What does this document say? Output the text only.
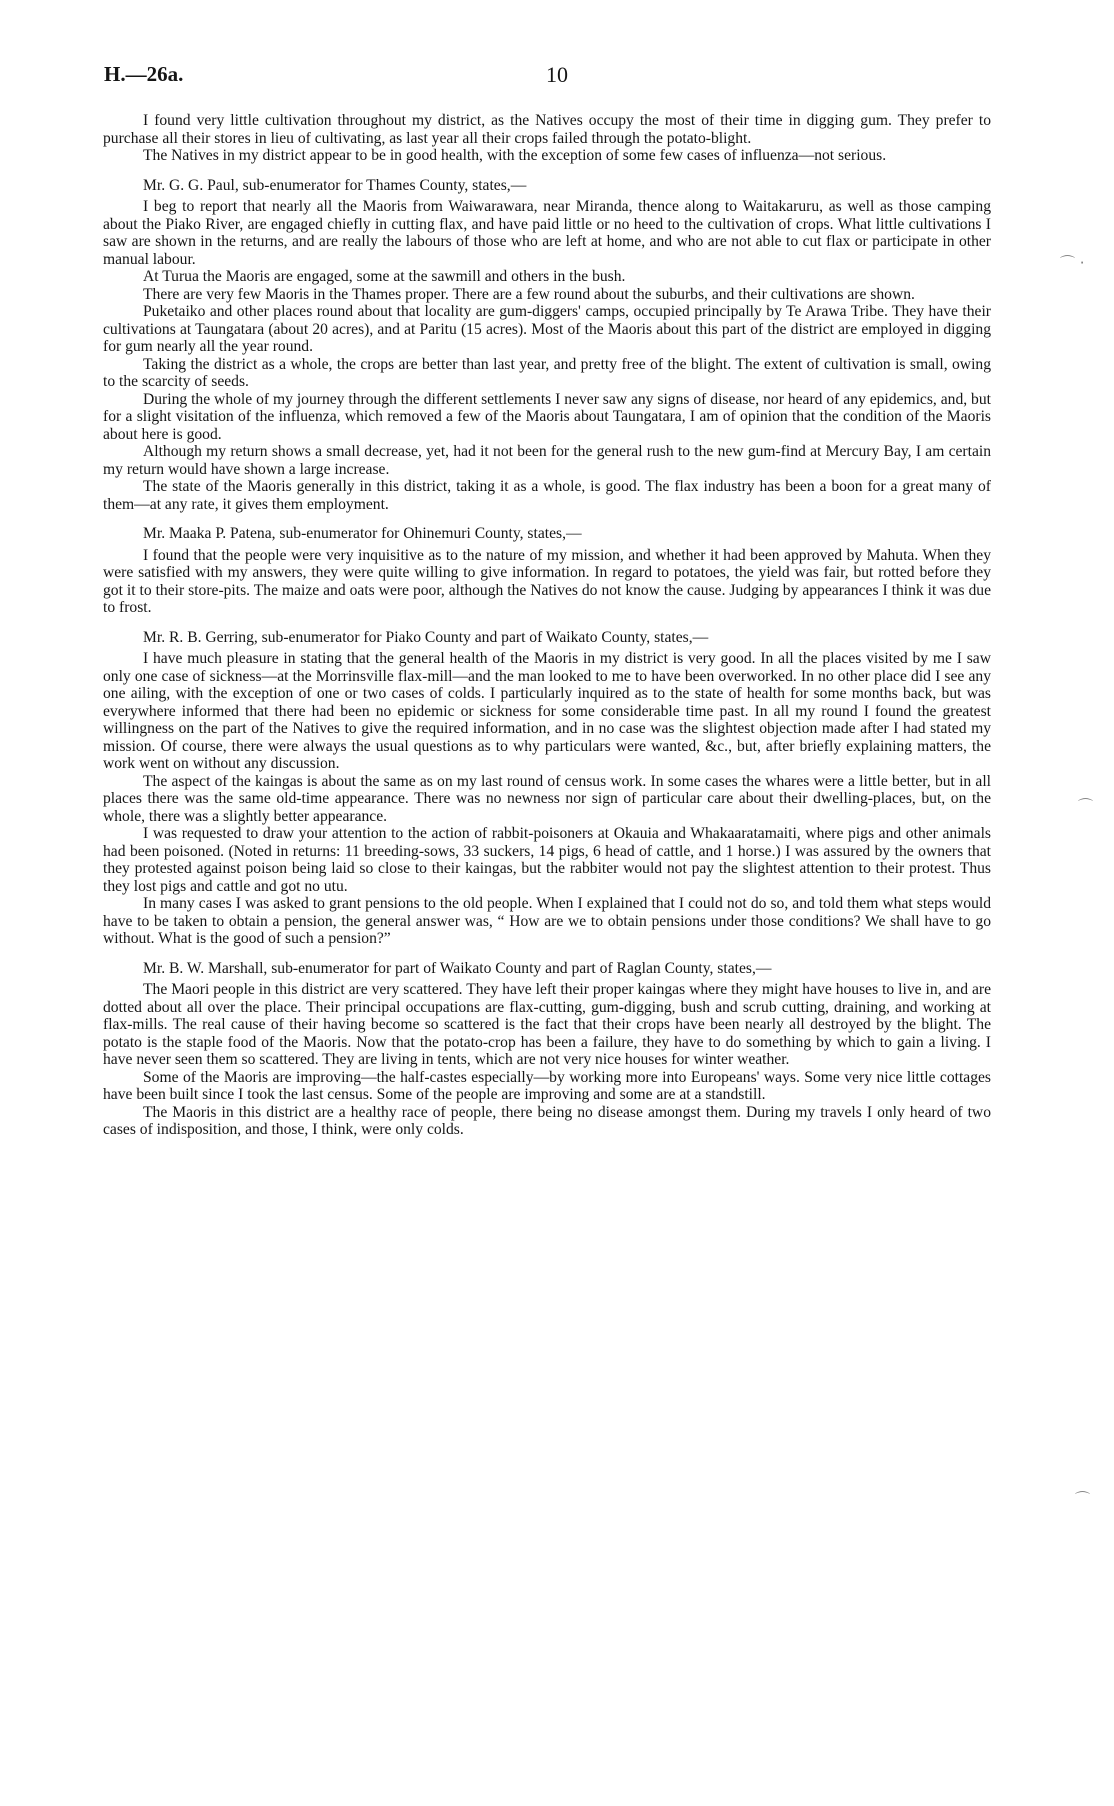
H.—26a.	10

I found very little cultivation throughout my district, as the Natives occupy the most of their time in digging gum. They prefer to purchase all their stores in lieu of cultivating, as last year all their crops failed through the potato-blight.

The Natives in my district appear to be in good health, with the exception of some few cases of influenza—not serious.

Mr. G. G. Paul, sub-enumerator for Thames County, states,—

I beg to report that nearly all the Maoris from Waiwarawara, near Miranda, thence along to Waitakaruru, as well as those camping about the Piako River, are engaged chiefly in cutting flax, and have paid little or no heed to the cultivation of crops. What little cultivations I saw are shown in the returns, and are really the labours of those who are left at home, and who are not able to cut flax or participate in other manual labour.

At Turua the Maoris are engaged, some at the sawmill and others in the bush.

There are very few Maoris in the Thames proper. There are a few round about the suburbs, and their cultivations are shown.

Puketaiko and other places round about that locality are gum-diggers' camps, occupied principally by Te Arawa Tribe. They have their cultivations at Taungatara (about 20 acres), and at Paritu (15 acres). Most of the Maoris about this part of the district are employed in digging for gum nearly all the year round.

Taking the district as a whole, the crops are better than last year, and pretty free of the blight. The extent of cultivation is small, owing to the scarcity of seeds.

During the whole of my journey through the different settlements I never saw any signs of disease, nor heard of any epidemics, and, but for a slight visitation of the influenza, which removed a few of the Maoris about Taungatara, I am of opinion that the condition of the Maoris about here is good.

Although my return shows a small decrease, yet, had it not been for the general rush to the new gum-find at Mercury Bay, I am certain my return would have shown a large increase.

The state of the Maoris generally in this district, taking it as a whole, is good. The flax industry has been a boon for a great many of them—at any rate, it gives them employment.

Mr. Maaka P. Patena, sub-enumerator for Ohinemuri County, states,—

I found that the people were very inquisitive as to the nature of my mission, and whether it had been approved by Mahuta. When they were satisfied with my answers, they were quite willing to give information. In regard to potatoes, the yield was fair, but rotted before they got it to their store-pits. The maize and oats were poor, although the Natives do not know the cause. Judging by appearances I think it was due to frost.

Mr. R. B. Gerring, sub-enumerator for Piako County and part of Waikato County, states,—

I have much pleasure in stating that the general health of the Maoris in my district is very good. In all the places visited by me I saw only one case of sickness—at the Morrinsville flax-mill—and the man looked to me to have been overworked. In no other place did I see any one ailing, with the exception of one or two cases of colds. I particularly inquired as to the state of health for some months back, but was everywhere informed that there had been no epidemic or sickness for some considerable time past. In all my round I found the greatest willingness on the part of the Natives to give the required information, and in no case was the slightest objection made after I had stated my mission. Of course, there were always the usual questions as to why particulars were wanted, &c., but, after briefly explaining matters, the work went on without any discussion.

The aspect of the kaingas is about the same as on my last round of census work. In some cases the whares were a little better, but in all places there was the same old-time appearance. There was no newness nor sign of particular care about their dwelling-places, but, on the whole, there was a slightly better appearance.

I was requested to draw your attention to the action of rabbit-poisoners at Okauia and Whakaaratamaiti, where pigs and other animals had been poisoned. (Noted in returns: 11 breeding-sows, 33 suckers, 14 pigs, 6 head of cattle, and 1 horse.) I was assured by the owners that they protested against poison being laid so close to their kaingas, but the rabbiter would not pay the slightest attention to their protest. Thus they lost pigs and cattle and got no utu.

In many cases I was asked to grant pensions to the old people. When I explained that I could not do so, and told them what steps would have to be taken to obtain a pension, the general answer was, “ How are we to obtain pensions under those conditions? We shall have to go without. What is the good of such a pension?”

Mr. B. W. Marshall, sub-enumerator for part of Waikato County and part of Raglan County, states,—

The Maori people in this district are very scattered. They have left their proper kaingas where they might have houses to live in, and are dotted about all over the place. Their principal occupations are flax-cutting, gum-digging, bush and scrub cutting, draining, and working at flax-mills. The real cause of their having become so scattered is the fact that their crops have been nearly all destroyed by the blight. The potato is the staple food of the Maoris. Now that the potato-crop has been a failure, they have to do something by which to gain a living. I have never seen them so scattered. They are living in tents, which are not very nice houses for winter weather.

Some of the Maoris are improving—the half-castes especially—by working more into Europeans' ways. Some very nice little cottages have been built since I took the last census. Some of the people are improving and some are at a standstill.

The Maoris in this district are a healthy race of people, there being no disease amongst them. During my travels I only heard of two cases of indisposition, and those, I think, were only colds.

⌒ ·
⌒
⌒
